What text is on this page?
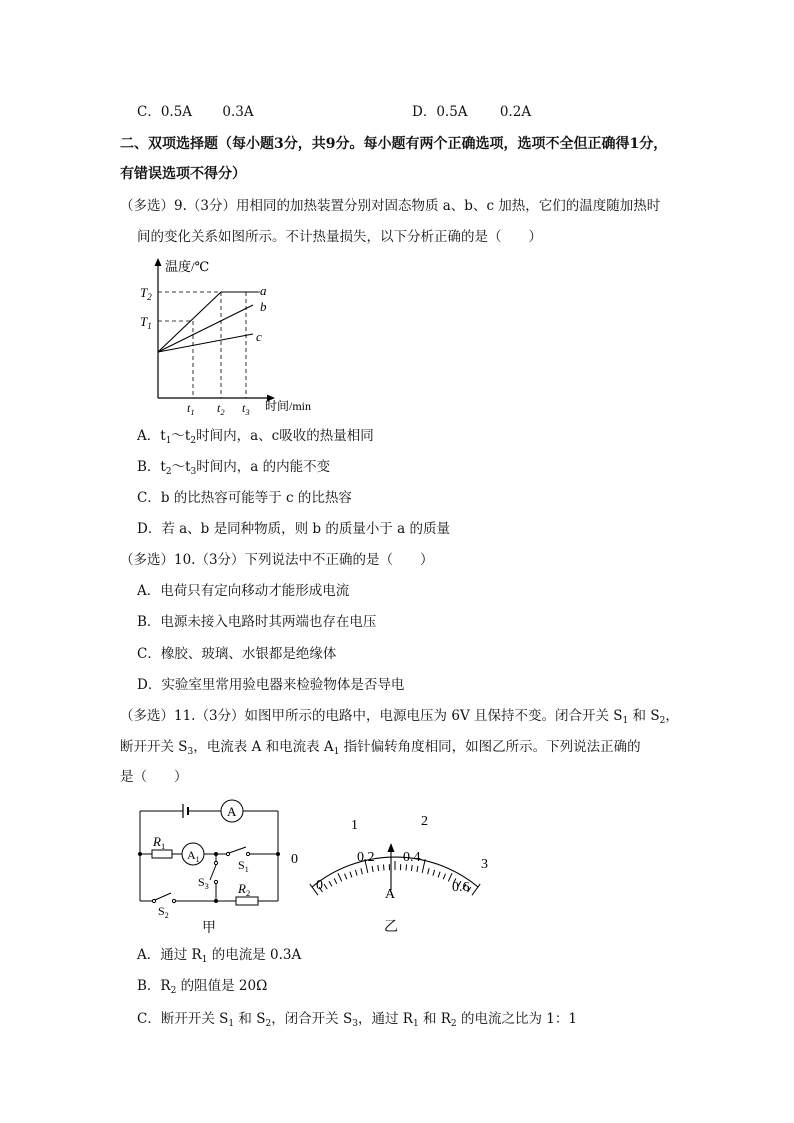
C．0.5A 0.3A	D．0.5A 0.2A
二、双项选择题（每小题3分，共9分。每小题有两个正确选项，选项不全但正确得1分，
有错误选项不得分）
（多选）9.（3分）用相同的加热装置分别对固态物质 a、b、c 加热，它们的温度随加热时
间的变化关系如图所示。不计热量损失，以下分析正确的是（　　）
温度/℃
$T_2$
$T_1$
a
b
c
$t_1$ $t_2$ $t_3$ 时间/min
A．$t_1\sim t_2$时间内，a、c吸收的热量相同
B．$t_2\sim t_3$时间内，a 的内能不变
C．b 的比热容可能等于 c 的比热容
D．若 a、b 是同种物质，则 b 的质量小于 a 的质量
（多选）10.（3分）下列说法中不正确的是（　　）
A．电荷只有定向移动才能形成电流
B．电源未接入电路时其两端也存在电压
C．橡胶、玻璃、水银都是绝缘体
D．实验室里常用验电器来检验物体是否导电
（多选）11.（3分）如图甲所示的电路中，电源电压为 6V 且保持不变。闭合开关 $S_1$ 和 $S_2$，
断开开关 $S_3$，电流表 A 和电流表 $A_1$ 指针偏转角度相同，如图乙所示。下列说法正确的
是（　　）
A
$A_1$
$R_1$
$R_2$
$S_1$
$S_3$
$S_2$
甲
0
1	2
3
0
0.2 0.4
0.6
A
乙
A．通过 $R_1$ 的电流是 0.3A
B．$R_2$ 的阻值是 20Ω
C．断开开关 $S_1$ 和 $S_2$，闭合开关 $S_3$，通过 $R_1$ 和 $R_2$ 的电流之比为 1：1
